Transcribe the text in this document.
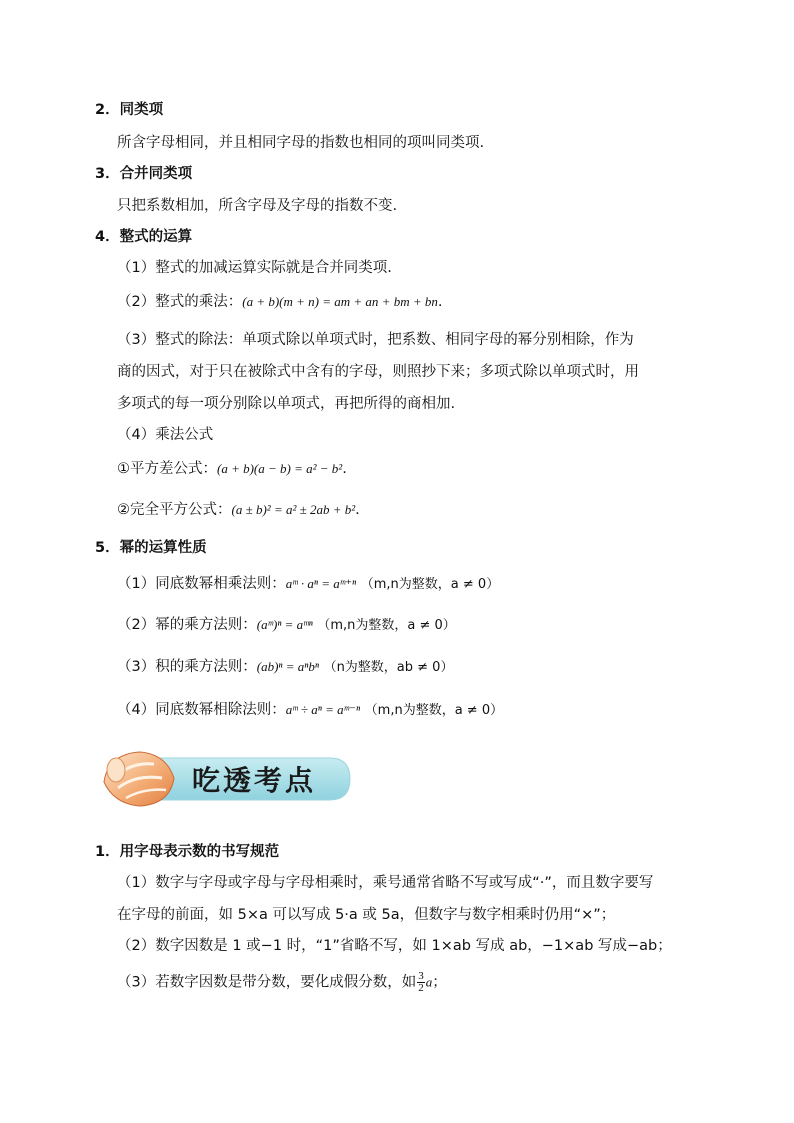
2．同类项
所含字母相同，并且相同字母的指数也相同的项叫同类项.
3．合并同类项
只把系数相加，所含字母及字母的指数不变.
4．整式的运算
（1）整式的加减运算实际就是合并同类项.
（2）整式的乘法：(a + b)(m + n) = am + an + bm + bn.
（3）整式的除法：单项式除以单项式时，把系数、相同字母的幂分别相除，作为
商的因式，对于只在被除式中含有的字母，则照抄下来；多项式除以单项式时，用
多项式的每一项分别除以单项式，再把所得的商相加.
（4）乘法公式
①平方差公式：(a + b)(a − b) = a² − b².
②完全平方公式：(a ± b)² = a² ± 2ab + b².
5．幂的运算性质
（1）同底数幂相乘法则：aᵐ · aⁿ = aᵐ⁺ⁿ （m,n为整数，a ≠ 0）
（2）幂的乘方法则：(aᵐ)ⁿ = aᵐⁿ （m,n为整数，a ≠ 0）
（3）积的乘方法则：(ab)ⁿ = aⁿbⁿ （n为整数，ab ≠ 0）
（4）同底数幂相除法则：aᵐ ÷ aⁿ = aᵐ⁻ⁿ （m,n为整数，a ≠ 0）
吃透考点
1．用字母表示数的书写规范
（1）数字与字母或字母与字母相乘时，乘号通常省略不写或写成“·”，而且数字要写
在字母的前面，如 5×a 可以写成 5·a 或 5a，但数字与数字相乘时仍用“×”；
（2）数字因数是 1 或−1 时，“1”省略不写，如 1×ab 写成 ab，−1×ab 写成−ab；
（3）若数字因数是带分数，要化成假分数，如 $\frac{3}{2}$ a；
